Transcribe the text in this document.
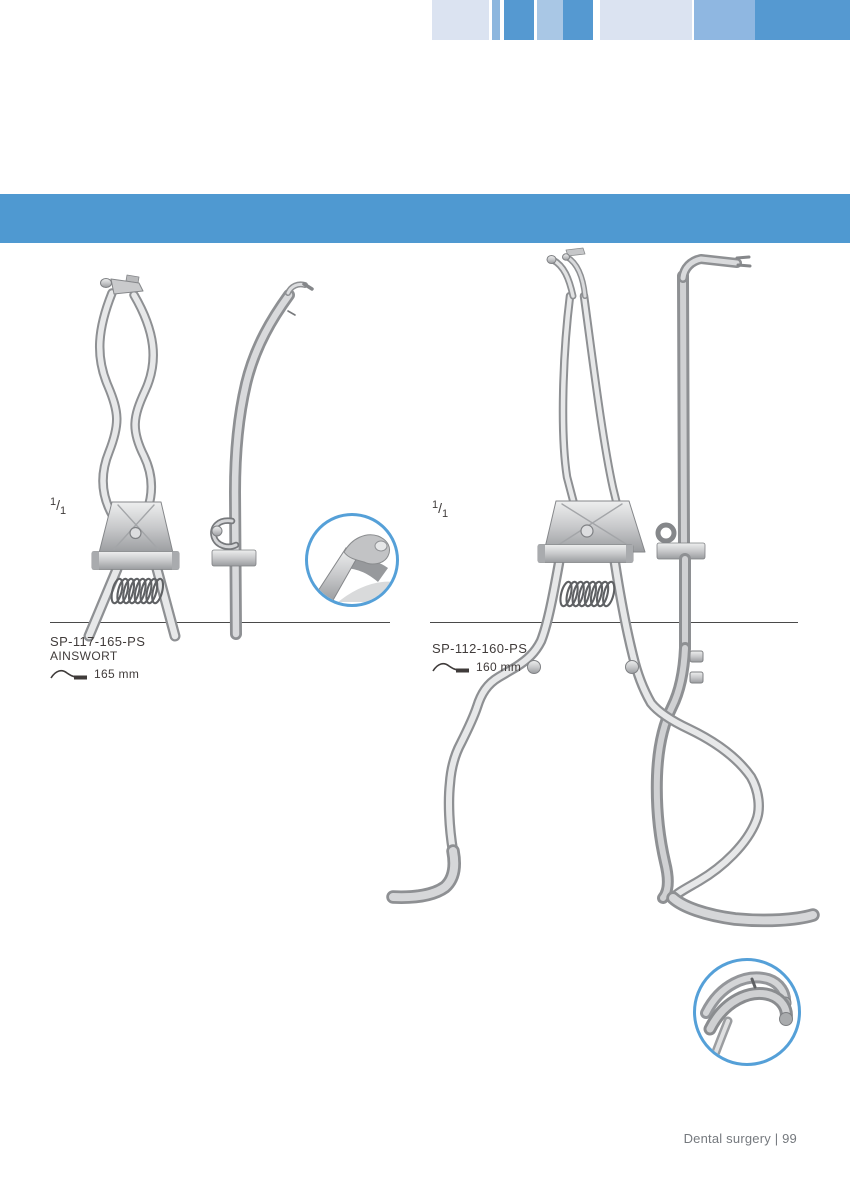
Kleszcze do ślinochronu
Salivation dam forceps
$^1/_1$	$^1/_1$
SP-117-165-PS
AINSWORT
165 mm
SP-112-160-PS
160 mm
Dental surgery | 99
